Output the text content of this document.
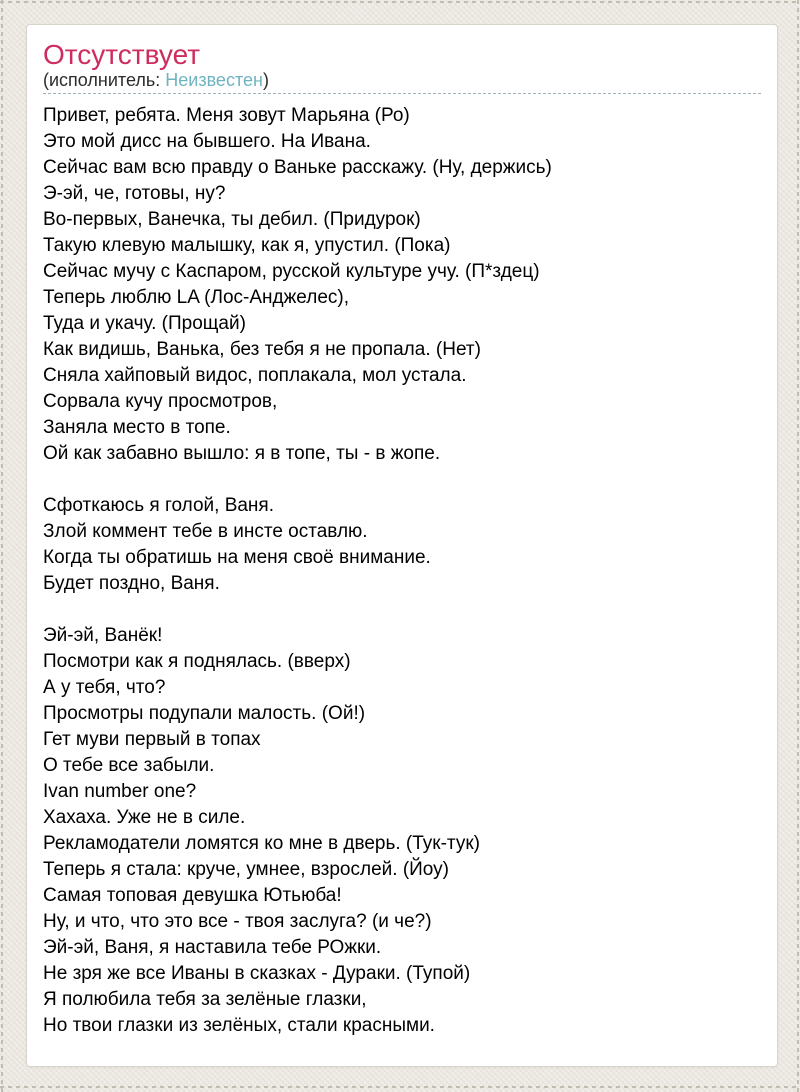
Отсутствует
(исполнитель: Неизвестен)
Привет, ребята. Меня зовут Марьяна (Ро)
Это мой дисс на бывшего. На Ивана.
Сейчас вам всю правду о Ваньке расскажу. (Ну, держись)
Э-эй, че, готовы, ну?
Во-первых, Ванечка, ты дебил. (Придурок)
Такую клевую малышку, как я, упустил. (Пока)
Сейчас мучу с Каспаром, русской культуре учу. (П*здец)
Теперь люблю LA (Лос-Анджелес),
Туда и укачу. (Прощай)
Как видишь, Ванька, без тебя я не пропала. (Нет)
Сняла хайповый видос, поплакала, мол устала.
Сорвала кучу просмотров,
Заняла место в топе.
Ой как забавно вышло: я в топе, ты - в жопе.

Сфоткаюсь я голой, Ваня.
Злой коммент тебе в инсте оставлю.
Когда ты обратишь на меня своё внимание.
Будет поздно, Ваня.

Эй-эй, Ванёк!
Посмотри как я поднялась. (вверх)
А у тебя, что?
Просмотры подупали малость. (Ой!)
Гет муви первый в топах
О тебе все забыли.
Ivan number one?
Хахаха. Уже не в силе.
Рекламодатели ломятся ко мне в дверь. (Тук-тук)
Теперь я стала: круче, умнее, взрослей. (Йоу)
Самая топовая девушка Ютьюба!
Ну, и что, что это все - твоя заслуга? (и че?)
Эй-эй, Ваня, я наставила тебе РОжки.
Не зря же все Иваны в сказках - Дураки. (Тупой)
Я полюбила тебя за зелёные глазки,
Но твои глазки из зелёных, стали красными.
